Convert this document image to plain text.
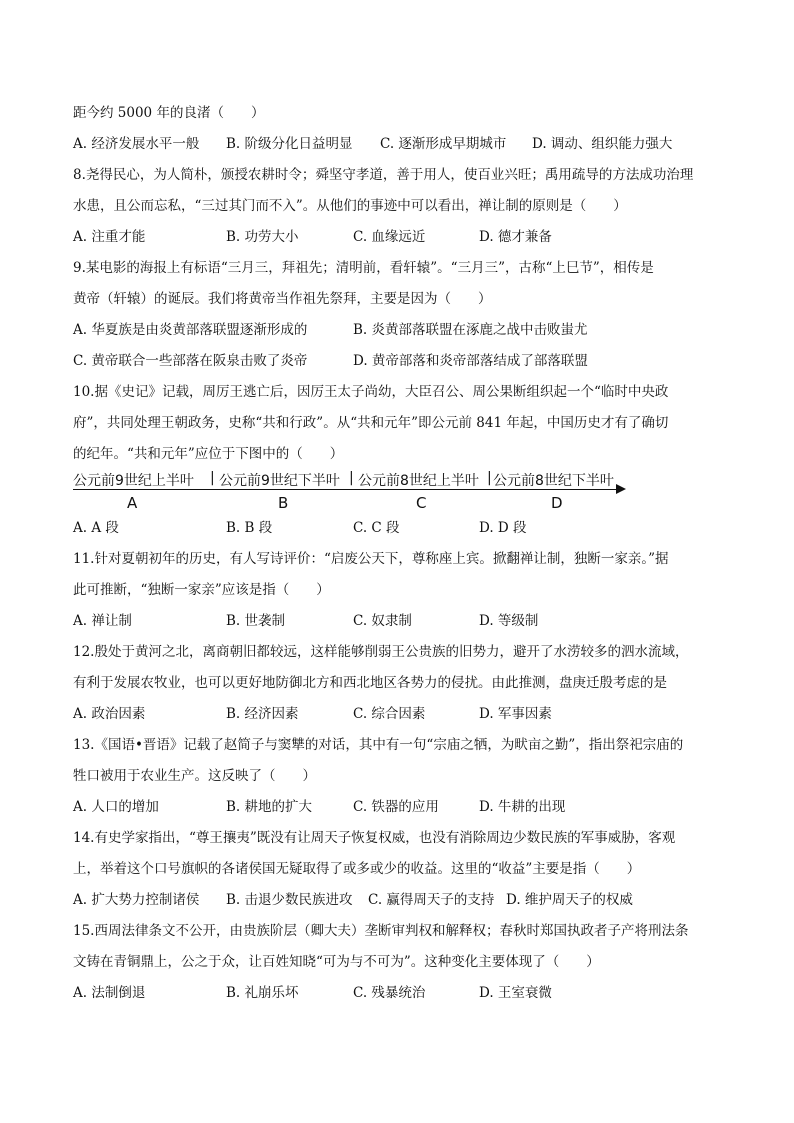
距今约 5000 年的良渚（　　）
A. 经济发展水平一般 B. 阶级分化日益明显 C. 逐渐形成早期城市 D. 调动、组织能力强大
8.尧得民心，为人简朴，颁授农耕时令；舜坚守孝道，善于用人，使百业兴旺；禹用疏导的方法成功治理
水患，且公而忘私，“三过其门而不入”。从他们的事迹中可以看出，禅让制的原则是（　　）
A. 注重才能	B. 功劳大小	C. 血缘远近	D. 德才兼备
9.某电影的海报上有标语“三月三，拜祖先；清明前，看轩辕”。“三月三”，古称“上巳节”，相传是
黄帝（轩辕）的诞辰。我们将黄帝当作祖先祭拜，主要是因为（　　）
A. 华夏族是由炎黄部落联盟逐渐形成的	B. 炎黄部落联盟在涿鹿之战中击败蚩尤
C. 黄帝联合一些部落在阪泉击败了炎帝	D. 黄帝部落和炎帝部落结成了部落联盟
10.据《史记》记载，周厉王逃亡后，因厉王太子尚幼，大臣召公、周公果断组织起一个“临时中央政
府”，共同处理王朝政务，史称“共和行政”。从“共和元年”即公元前 841 年起，中国历史才有了确切
的纪年。“共和元年”应位于下图中的（　　）
公元前9世纪上半叶 | 公元前9世纪下半叶 | 公元前8世纪上半叶 | 公元前8世纪下半叶
A	B	C	D
A. A 段	B. B 段	C. C 段	D. D 段
11.针对夏朝初年的历史，有人写诗评价：“启废公天下，尊称座上宾。掀翻禅让制，独断一家亲。”据
此可推断，“独断一家亲”应该是指（　　）
A. 禅让制	B. 世袭制	C. 奴隶制	D. 等级制
12.殷处于黄河之北，离商朝旧都较远，这样能够削弱王公贵族的旧势力，避开了水涝较多的泗水流域，
有利于发展农牧业，也可以更好地防御北方和西北地区各势力的侵扰。由此推测，盘庚迁殷考虑的是
A. 政治因素	B. 经济因素	C. 综合因素	D. 军事因素
13.《国语•晋语》记载了赵简子与窦犨的对话，其中有一句“宗庙之牺，为畎亩之勤”，指出祭祀宗庙的
牲口被用于农业生产。这反映了（　　）
A. 人口的增加	B. 耕地的扩大	C. 铁器的应用	D. 牛耕的出现
14.有史学家指出，“尊王攘夷”既没有让周天子恢复权威，也没有消除周边少数民族的军事威胁，客观
上，举着这个口号旗帜的各诸侯国无疑取得了或多或少的收益。这里的“收益”主要是指（　　）
A. 扩大势力控制诸侯 B. 击退少数民族进攻 C. 赢得周天子的支持 D. 维护周天子的权威
15.西周法律条文不公开，由贵族阶层（卿大夫）垄断审判权和解释权；春秋时郑国执政者子产将刑法条
文铸在青铜鼎上，公之于众，让百姓知晓“可为与不可为”。这种变化主要体现了（　　）
A. 法制倒退	B. 礼崩乐坏	C. 残暴统治	D. 王室衰微
